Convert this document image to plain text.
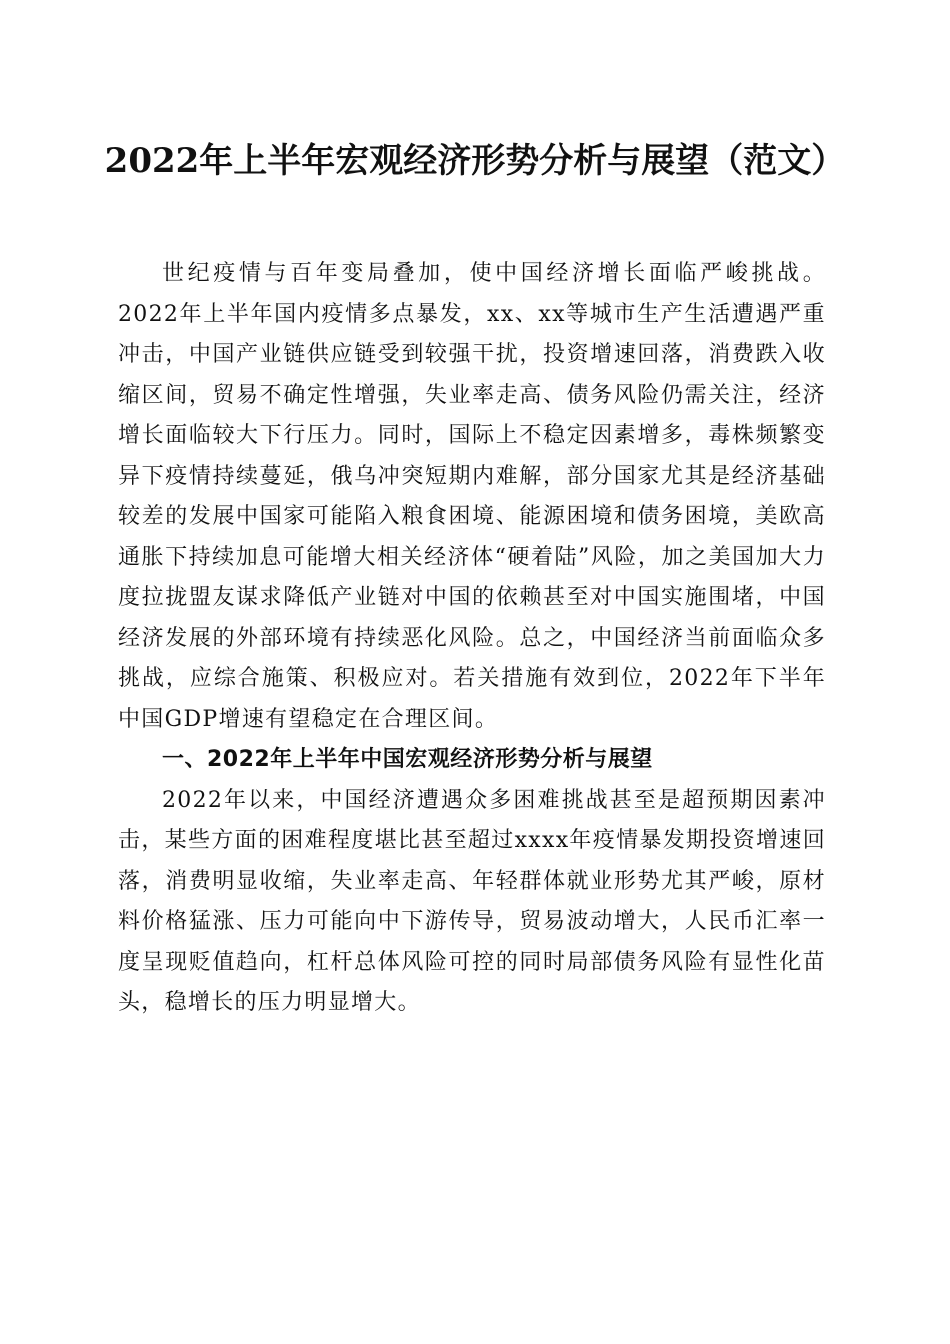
2022年上半年宏观经济形势分析与展望（范文）

世纪疫情与百年变局叠加，使中国经济增长面临严峻挑战。2022年上半年国内疫情多点暴发，xx、xx等城市生产生活遭遇严重冲击，中国产业链供应链受到较强干扰，投资增速回落，消费跌入收缩区间，贸易不确定性增强，失业率走高、债务风险仍需关注，经济增长面临较大下行压力。同时，国际上不稳定因素增多，毒株频繁变异下疫情持续蔓延，俄乌冲突短期内难解，部分国家尤其是经济基础较差的发展中国家可能陷入粮食困境、能源困境和债务困境，美欧高通胀下持续加息可能增大相关经济体“硬着陆”风险，加之美国加大力度拉拢盟友谋求降低产业链对中国的依赖甚至对中国实施围堵，中国经济发展的外部环境有持续恶化风险。总之，中国经济当前面临众多挑战，应综合施策、积极应对。若关措施有效到位，2022年下半年中国GDP增速有望稳定在合理区间。

一、2022年上半年中国宏观经济形势分析与展望

2022年以来，中国经济遭遇众多困难挑战甚至是超预期因素冲击，某些方面的困难程度堪比甚至超过xxxx年疫情暴发期投资增速回落，消费明显收缩，失业率走高、年轻群体就业形势尤其严峻，原材料价格猛涨、压力可能向中下游传导，贸易波动增大，人民币汇率一度呈现贬值趋向，杠杆总体风险可控的同时局部债务风险有显性化苗头，稳增长的压力明显增大。
